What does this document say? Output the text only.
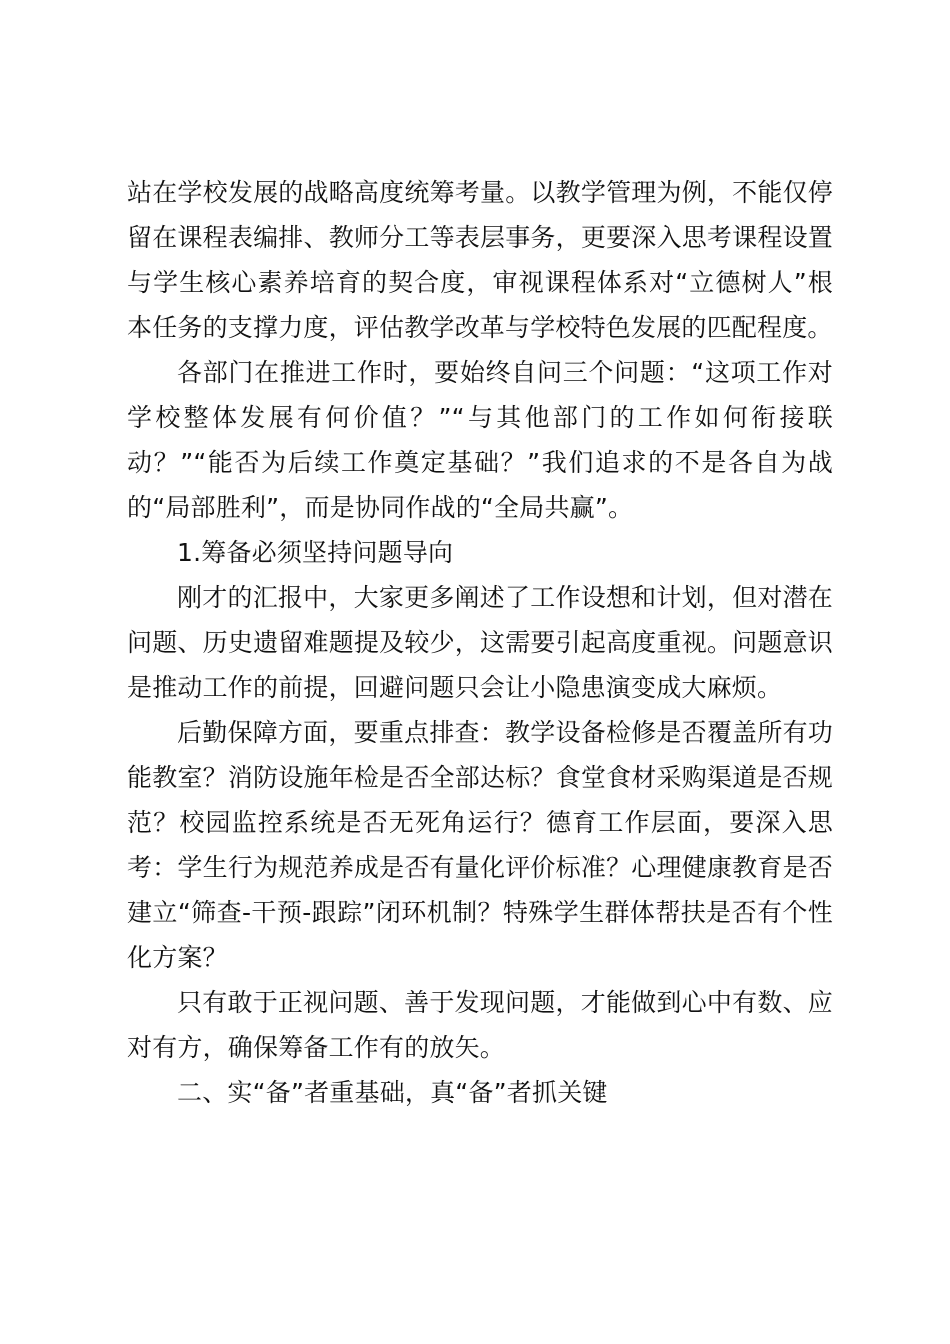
站在学校发展的战略高度统筹考量。以教学管理为例，不能仅停留在课程表编排、教师分工等表层事务，更要深入思考课程设置与学生核心素养培育的契合度，审视课程体系对“立德树人”根本任务的支撑力度，评估教学改革与学校特色发展的匹配程度。

各部门在推进工作时，要始终自问三个问题：“这项工作对学校整体发展有何价值？”“与其他部门的工作如何衔接联动？”“能否为后续工作奠定基础？”我们追求的不是各自为战的“局部胜利”，而是协同作战的“全局共赢”。

1.筹备必须坚持问题导向

刚才的汇报中，大家更多阐述了工作设想和计划，但对潜在问题、历史遗留难题提及较少，这需要引起高度重视。问题意识是推动工作的前提，回避问题只会让小隐患演变成大麻烦。

后勤保障方面，要重点排查：教学设备检修是否覆盖所有功能教室？消防设施年检是否全部达标？食堂食材采购渠道是否规范？校园监控系统是否无死角运行？德育工作层面，要深入思考：学生行为规范养成是否有量化评价标准？心理健康教育是否建立“筛查-干预-跟踪”闭环机制？特殊学生群体帮扶是否有个性化方案？

只有敢于正视问题、善于发现问题，才能做到心中有数、应对有方，确保筹备工作有的放矢。

二、实“备”者重基础，真“备”者抓关键
